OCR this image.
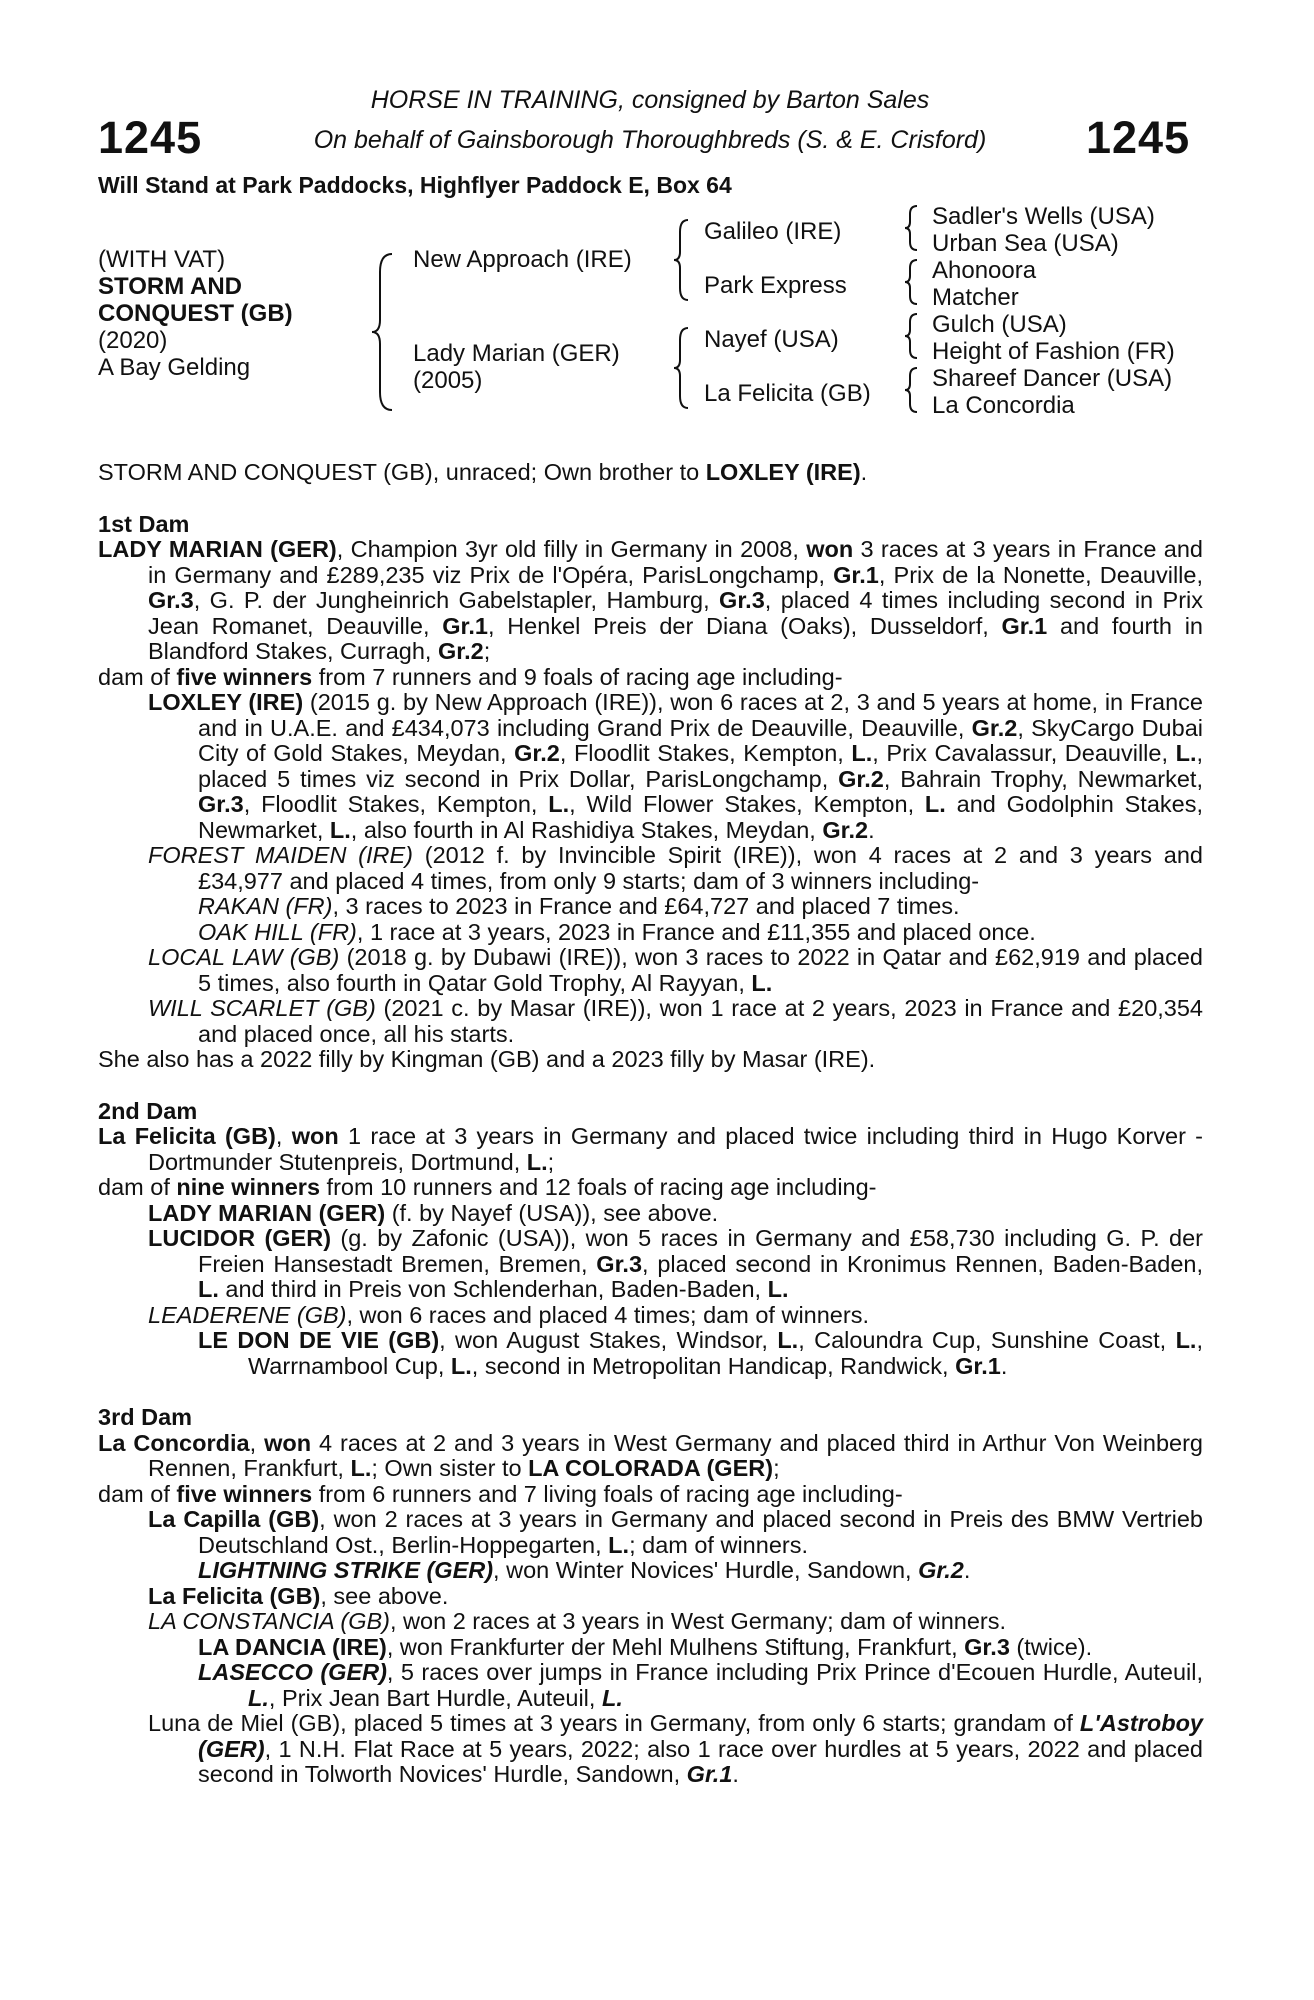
1245	1245
HORSE IN TRAINING, consigned by Barton Sales
On behalf of Gainsborough Thoroughbreds (S. & E. Crisford)
Will Stand at Park Paddocks, Highflyer Paddock E, Box 64
(WITH VAT)
STORM AND
CONQUEST (GB)
(2020)
A Bay Gelding
New Approach (IRE)
Lady Marian (GER)
(2005)
Galileo (IRE)
Park Express
Nayef (USA)
La Felicita (GB)
Sadler's Wells (USA)
Urban Sea (USA)
Ahonoora
Matcher
Gulch (USA)
Height of Fashion (FR)
Shareef Dancer (USA)
La Concordia
STORM AND CONQUEST (GB), unraced; Own brother to LOXLEY (IRE).
1st Dam
LADY MARIAN (GER), Champion 3yr old filly in Germany in 2008, won 3 races at 3 years in France and in Germany and £289,235 viz Prix de l'Opéra, ParisLongchamp, Gr.1, Prix de la Nonette, Deauville, Gr.3, G. P. der Jungheinrich Gabelstapler, Hamburg, Gr.3, placed 4 times including second in Prix Jean Romanet, Deauville, Gr.1, Henkel Preis der Diana (Oaks), Dusseldorf, Gr.1 and fourth in Blandford Stakes, Curragh, Gr.2;
dam of five winners from 7 runners and 9 foals of racing age including-
LOXLEY (IRE) (2015 g. by New Approach (IRE)), won 6 races at 2, 3 and 5 years at home, in France and in U.A.E. and £434,073 including Grand Prix de Deauville, Deauville, Gr.2, SkyCargo Dubai City of Gold Stakes, Meydan, Gr.2, Floodlit Stakes, Kempton, L., Prix Cavalassur, Deauville, L., placed 5 times viz second in Prix Dollar, ParisLongchamp, Gr.2, Bahrain Trophy, Newmarket, Gr.3, Floodlit Stakes, Kempton, L., Wild Flower Stakes, Kempton, L. and Godolphin Stakes, Newmarket, L., also fourth in Al Rashidiya Stakes, Meydan, Gr.2.
FOREST MAIDEN (IRE) (2012 f. by Invincible Spirit (IRE)), won 4 races at 2 and 3 years and £34,977 and placed 4 times, from only 9 starts; dam of 3 winners including-
RAKAN (FR), 3 races to 2023 in France and £64,727 and placed 7 times.
OAK HILL (FR), 1 race at 3 years, 2023 in France and £11,355 and placed once.
LOCAL LAW (GB) (2018 g. by Dubawi (IRE)), won 3 races to 2022 in Qatar and £62,919 and placed 5 times, also fourth in Qatar Gold Trophy, Al Rayyan, L.
WILL SCARLET (GB) (2021 c. by Masar (IRE)), won 1 race at 2 years, 2023 in France and £20,354 and placed once, all his starts.
She also has a 2022 filly by Kingman (GB) and a 2023 filly by Masar (IRE).
2nd Dam
La Felicita (GB), won 1 race at 3 years in Germany and placed twice including third in Hugo Korver - Dortmunder Stutenpreis, Dortmund, L.;
dam of nine winners from 10 runners and 12 foals of racing age including-
LADY MARIAN (GER) (f. by Nayef (USA)), see above.
LUCIDOR (GER) (g. by Zafonic (USA)), won 5 races in Germany and £58,730 including G. P. der Freien Hansestadt Bremen, Bremen, Gr.3, placed second in Kronimus Rennen, Baden-Baden, L. and third in Preis von Schlenderhan, Baden-Baden, L.
LEADERENE (GB), won 6 races and placed 4 times; dam of winners.
LE DON DE VIE (GB), won August Stakes, Windsor, L., Caloundra Cup, Sunshine Coast, L., Warrnambool Cup, L., second in Metropolitan Handicap, Randwick, Gr.1.
3rd Dam
La Concordia, won 4 races at 2 and 3 years in West Germany and placed third in Arthur Von Weinberg Rennen, Frankfurt, L.; Own sister to LA COLORADA (GER);
dam of five winners from 6 runners and 7 living foals of racing age including-
La Capilla (GB), won 2 races at 3 years in Germany and placed second in Preis des BMW Vertrieb Deutschland Ost., Berlin-Hoppegarten, L.; dam of winners.
LIGHTNING STRIKE (GER), won Winter Novices' Hurdle, Sandown, Gr.2.
La Felicita (GB), see above.
LA CONSTANCIA (GB), won 2 races at 3 years in West Germany; dam of winners.
LA DANCIA (IRE), won Frankfurter der Mehl Mulhens Stiftung, Frankfurt, Gr.3 (twice).
LASECCO (GER), 5 races over jumps in France including Prix Prince d'Ecouen Hurdle, Auteuil, L., Prix Jean Bart Hurdle, Auteuil, L.
Luna de Miel (GB), placed 5 times at 3 years in Germany, from only 6 starts; grandam of L'Astroboy (GER), 1 N.H. Flat Race at 5 years, 2022; also 1 race over hurdles at 5 years, 2022 and placed second in Tolworth Novices' Hurdle, Sandown, Gr.1.
